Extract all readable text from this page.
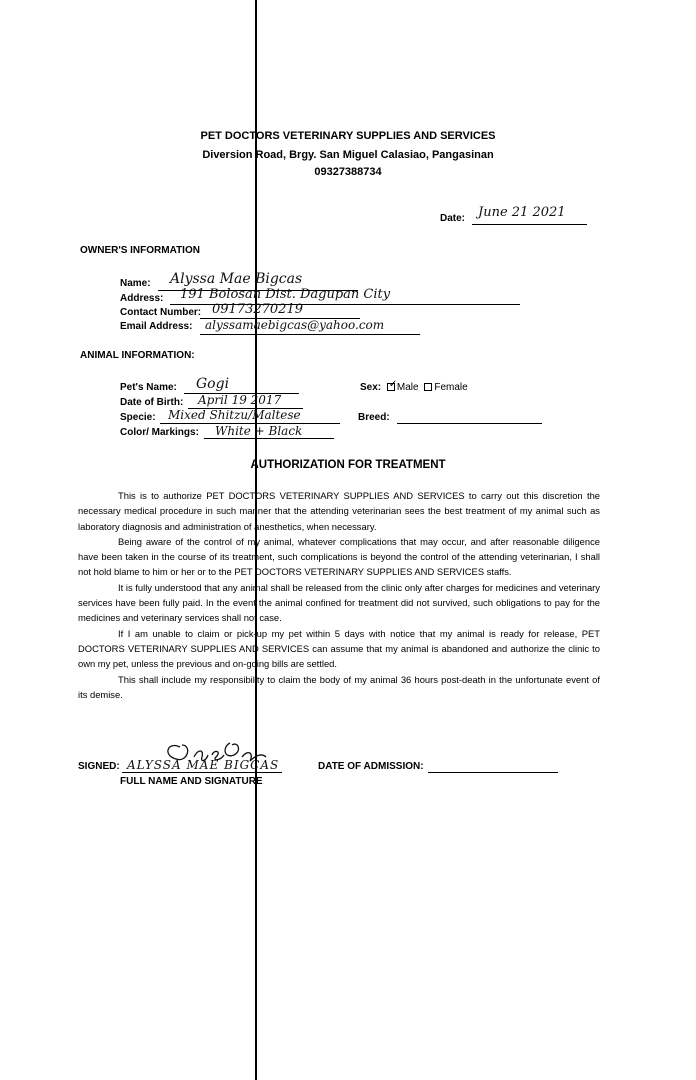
PET DOCTORS VETERINARY SUPPLIES AND SERVICES
Diversion Road, Brgy. San Miguel Calasiao, Pangasinan
09327388734
Date: June 21 2021
OWNER'S INFORMATION
Name: Alyssa Mae Bigcas
Address: 191 Bolosan Dist. Dagupan City
Contact Number: 09173270219
Email Address: alyssamaebigcas@yahoo.com
ANIMAL INFORMATION:
Pet's Name: Gogi	Sex: ✓ Male Female
Date of Birth: April 19 2017
Specie: Mixed Shitzu/Maltese	Breed:
Color/ Markings: White + Black
AUTHORIZATION FOR TREATMENT

This is to authorize PET DOCTORS VETERINARY SUPPLIES AND SERVICES to carry out this discretion the necessary medical procedure in such manner that the attending veterinarian sees the best treatment of my animal such as laboratory diagnosis and administration of anesthetics, when necessary.

Being aware of the control of my animal, whatever complications that may occur, and after reasonable diligence have been taken in the course of its treatment, such complications is beyond the control of the attending veterinarian, I shall not hold blame to him or her or to the PET DOCTORS VETERINARY SUPPLIES AND SERVICES staffs.

It is fully understood that any animal shall be released from the clinic only after charges for medicines and veterinary services have been fully paid. In the event the animal confined for treatment did not survived, such obligations to pay for the medicines and veterinary services shall not case.

If I am unable to claim or pick-up my pet within 5 days with notice that my animal is ready for release, PET DOCTORS VETERINARY SUPPLIES AND SERVICES can assume that my animal is abandoned and authorize the clinic to own my pet, unless the previous and on-going bills are settled.

This shall include my responsibility to claim the body of my animal 36 hours post-death in the unfortunate event of its demise.

SIGNED: ALYSSA MAE BIGCAS
FULL NAME AND SIGNATURE
DATE OF ADMISSION:
